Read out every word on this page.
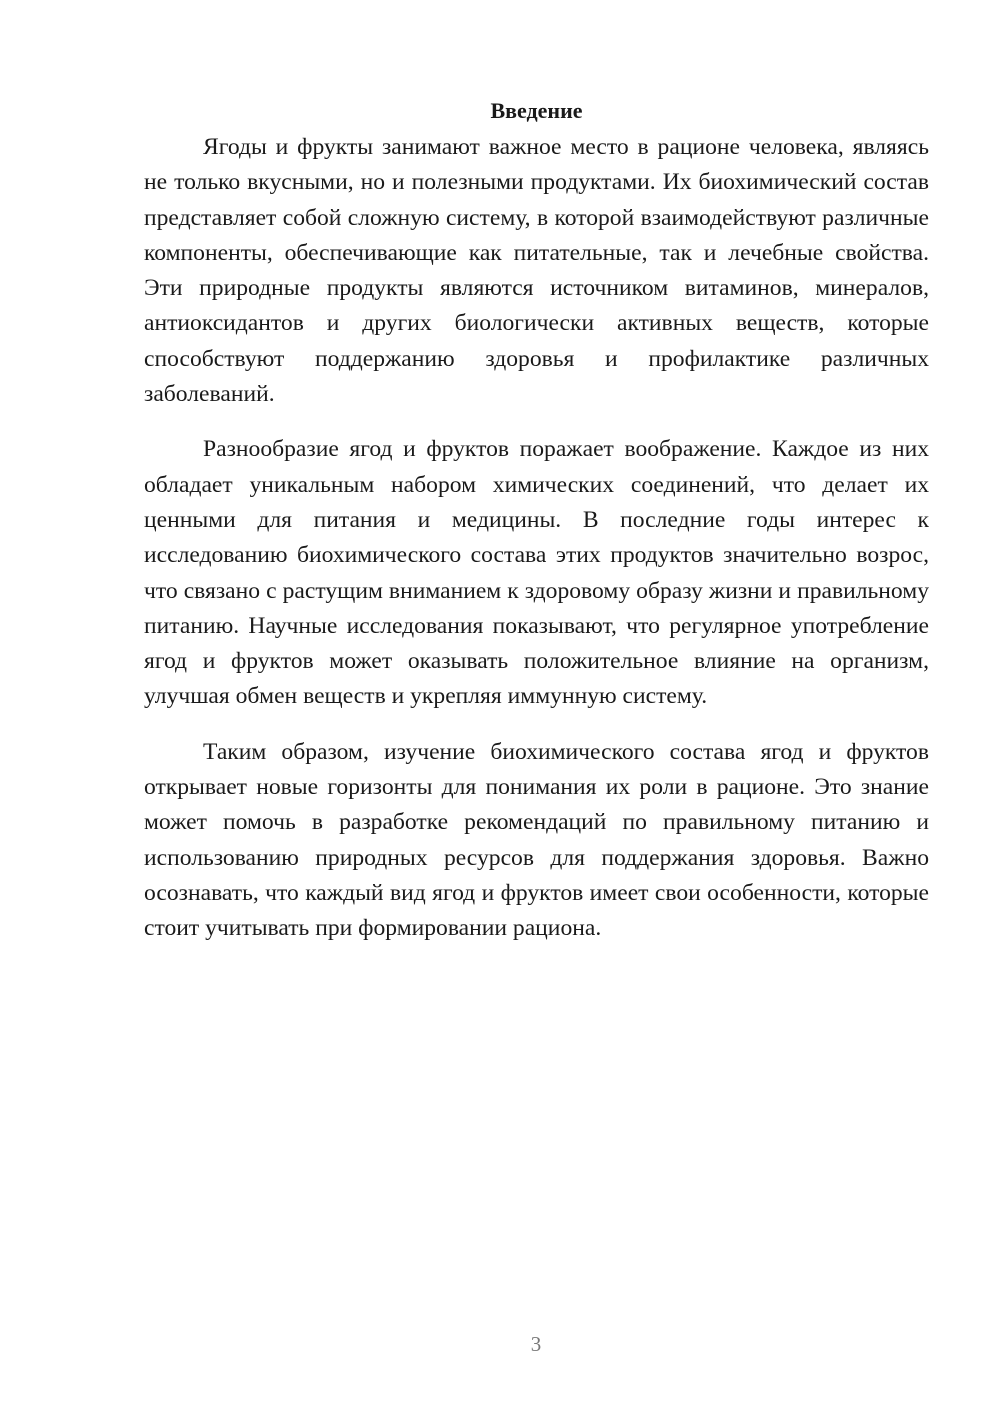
Введение

Ягоды и фрукты занимают важное место в рационе человека, являясь не только вкусными, но и полезными продуктами. Их биохимический состав представляет собой сложную систему, в которой взаимодействуют различные компоненты, обеспечивающие как питательные, так и лечебные свойства. Эти природные продукты являются источником витаминов, минералов, антиоксидантов и других биологически активных веществ, которые способствуют поддержанию здоровья и профилактике различных заболеваний.

Разнообразие ягод и фруктов поражает воображение. Каждое из них обладает уникальным набором химических соединений, что делает их ценными для питания и медицины. В последние годы интерес к исследованию биохимического состава этих продуктов значительно возрос, что связано с растущим вниманием к здоровому образу жизни и правильному питанию. Научные исследования показывают, что регулярное употребление ягод и фруктов может оказывать положительное влияние на организм, улучшая обмен веществ и укрепляя иммунную систему.

Таким образом, изучение биохимического состава ягод и фруктов открывает новые горизонты для понимания их роли в рационе. Это знание может помочь в разработке рекомендаций по правильному питанию и использованию природных ресурсов для поддержания здоровья. Важно осознавать, что каждый вид ягод и фруктов имеет свои особенности, которые стоит учитывать при формировании рациона.

3
